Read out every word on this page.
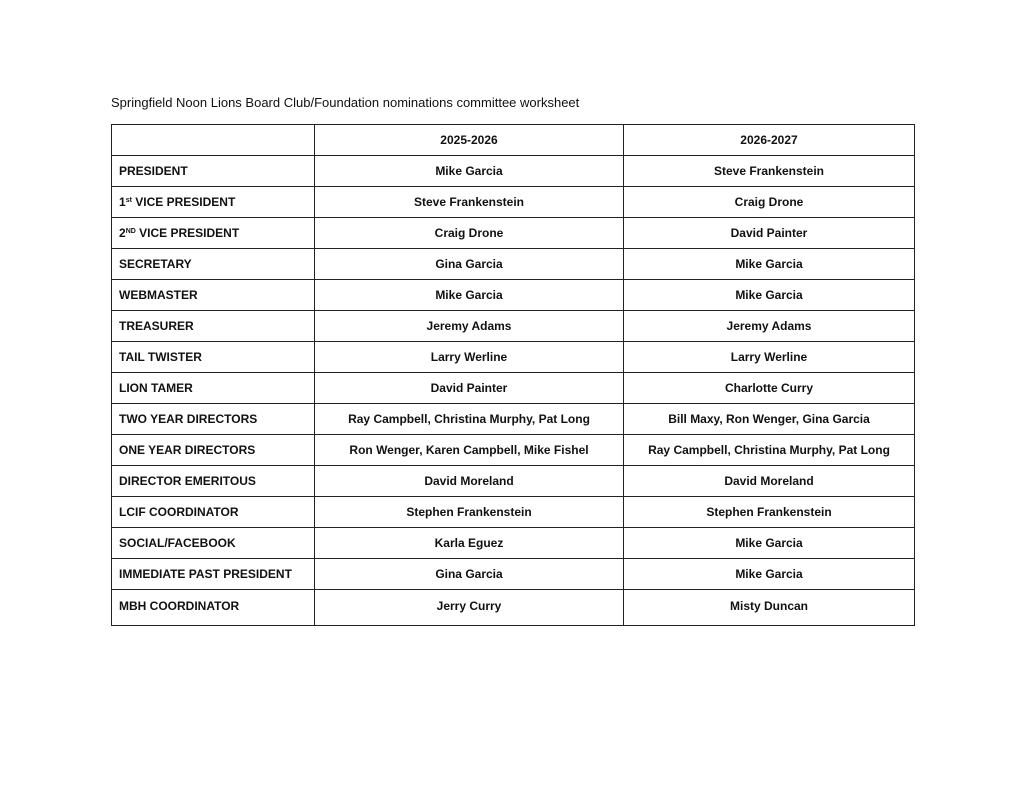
Springfield Noon Lions Board Club/Foundation nominations committee worksheet
	2025-2026	2026-2027
PRESIDENT	Mike Garcia	Steve Frankenstein
1st VICE PRESIDENT	Steve Frankenstein	Craig Drone
2ND VICE PRESIDENT	Craig Drone	David Painter
SECRETARY	Gina Garcia	Mike Garcia
WEBMASTER	Mike Garcia	Mike Garcia
TREASURER	Jeremy Adams	Jeremy Adams
TAIL TWISTER	Larry Werline	Larry Werline
LION TAMER	David Painter	Charlotte Curry
TWO YEAR DIRECTORS	Ray Campbell, Christina Murphy, Pat Long	Bill Maxy, Ron Wenger, Gina Garcia
ONE YEAR DIRECTORS	Ron Wenger, Karen Campbell, Mike Fishel	Ray Campbell, Christina Murphy, Pat Long
DIRECTOR EMERITOUS	David Moreland	David Moreland
LCIF COORDINATOR	Stephen Frankenstein	Stephen Frankenstein
SOCIAL/FACEBOOK	Karla Eguez	Mike Garcia
IMMEDIATE PAST PRESIDENT	Gina Garcia	Mike Garcia
MBH COORDINATOR	Jerry Curry	Misty Duncan
